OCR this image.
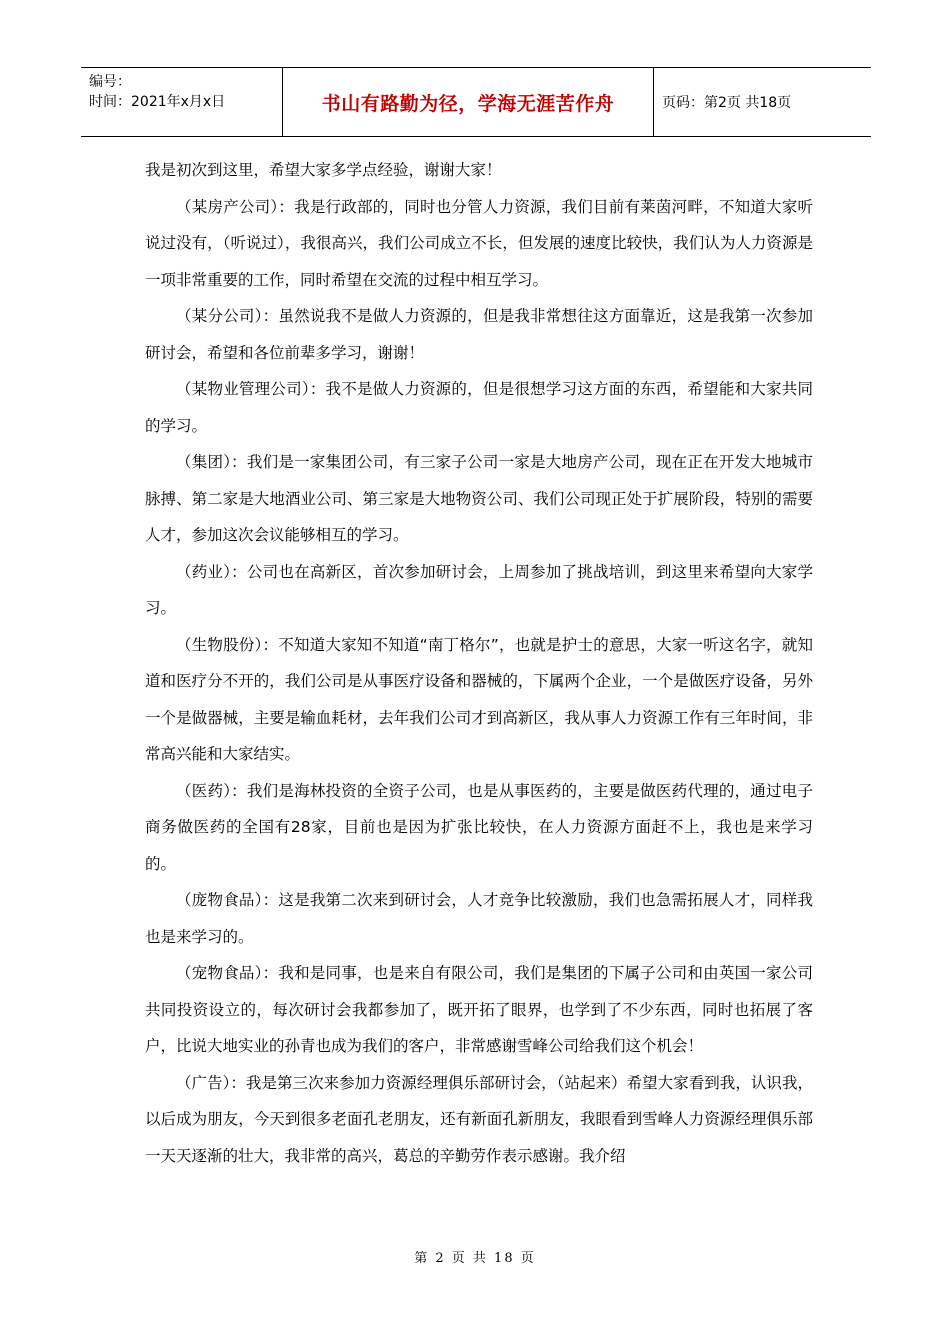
编号：
时间：2021年x月x日	书山有路勤为径，学海无涯苦作舟	页码：第2页 共18页

我是初次到这里，希望大家多学点经验，谢谢大家！

（某房产公司）：我是行政部的，同时也分管人力资源，我们目前有莱茵河畔，不知道大家听说过没有，（听说过），我很高兴，我们公司成立不长，但发展的速度比较快，我们认为人力资源是一项非常重要的工作，同时希望在交流的过程中相互学习。

（某分公司）：虽然说我不是做人力资源的，但是我非常想往这方面靠近，这是我第一次参加研讨会，希望和各位前辈多学习，谢谢！

（某物业管理公司）：我不是做人力资源的，但是很想学习这方面的东西，希望能和大家共同的学习。

（集团）：我们是一家集团公司，有三家子公司一家是大地房产公司，现在正在开发大地城市脉搏、第二家是大地酒业公司、第三家是大地物资公司、我们公司现正处于扩展阶段，特别的需要人才，参加这次会议能够相互的学习。

（药业）：公司也在高新区，首次参加研讨会，上周参加了挑战培训，到这里来希望向大家学习。

（生物股份）：不知道大家知不知道“南丁格尔”，也就是护士的意思，大家一听这名字，就知道和医疗分不开的，我们公司是从事医疗设备和器械的，下属两个企业，一个是做医疗设备，另外一个是做器械，主要是输血耗材，去年我们公司才到高新区，我从事人力资源工作有三年时间，非常高兴能和大家结实。

（医药）：我们是海林投资的全资子公司，也是从事医药的，主要是做医药代理的，通过电子商务做医药的全国有28家，目前也是因为扩张比较快，在人力资源方面赶不上，我也是来学习的。

（庞物食品）：这是我第二次来到研讨会，人才竞争比较激励，我们也急需拓展人才，同样我也是来学习的。

（宠物食品）：我和是同事，也是来自有限公司，我们是集团的下属子公司和由英国一家公司共同投资设立的，每次研讨会我都参加了，既开拓了眼界，也学到了不少东西，同时也拓展了客户，比说大地实业的孙青也成为我们的客户，非常感谢雪峰公司给我们这个机会！

（广告）：我是第三次来参加力资源经理俱乐部研讨会，（站起来）希望大家看到我，认识我，以后成为朋友，今天到很多老面孔老朋友，还有新面孔新朋友，我眼看到雪峰人力资源经理俱乐部一天天逐渐的壮大，我非常的高兴，葛总的辛勤劳作表示感谢。我介绍

第 2 页 共 18 页
